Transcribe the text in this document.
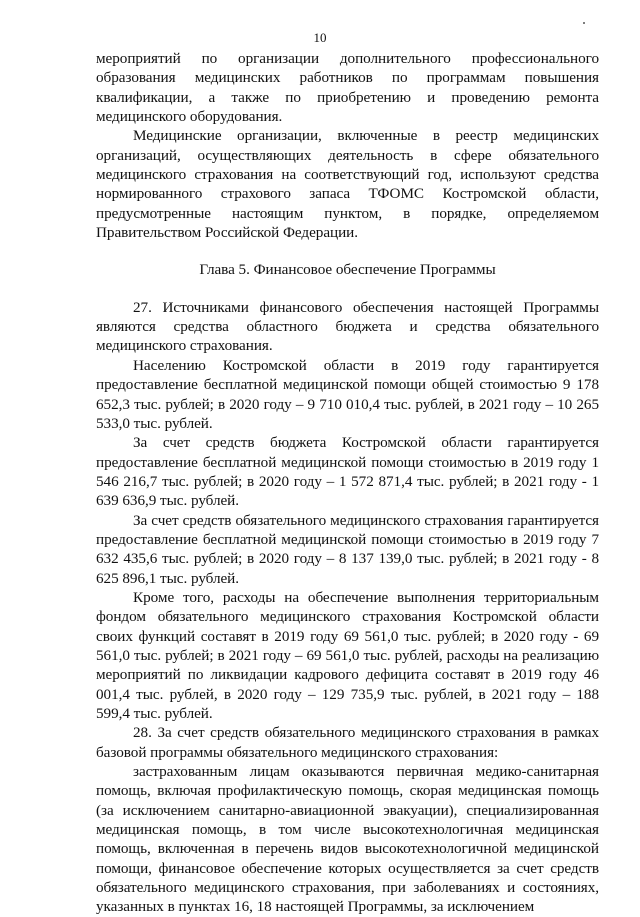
10

мероприятий по организации дополнительного профессионального образования медицинских работников по программам повышения квалификации, а также по приобретению и проведению ремонта медицинского оборудования.

Медицинские организации, включенные в реестр медицинских организаций, осуществляющих деятельность в сфере обязательного медицинского страхования на соответствующий год, используют средства нормированного страхового запаса ТФОМС Костромской области, предусмотренные настоящим пунктом, в порядке, определяемом Правительством Российской Федерации.

Глава 5. Финансовое обеспечение Программы

27. Источниками финансового обеспечения настоящей Программы являются средства областного бюджета и средства обязательного медицинского страхования.

Населению Костромской области в 2019 году гарантируется предоставление бесплатной медицинской помощи общей стоимостью 9 178 652,3 тыс. рублей; в 2020 году – 9 710 010,4 тыс. рублей, в 2021 году – 10 265 533,0 тыс. рублей.

За счет средств бюджета Костромской области гарантируется предоставление бесплатной медицинской помощи стоимостью в 2019 году 1 546 216,7 тыс. рублей; в 2020 году – 1 572 871,4 тыс. рублей; в 2021 году - 1 639 636,9 тыс. рублей.

За счет средств обязательного медицинского страхования гарантируется предоставление бесплатной медицинской помощи стоимостью в 2019 году 7 632 435,6 тыс. рублей; в 2020 году – 8 137 139,0 тыс. рублей; в 2021 году - 8 625 896,1 тыс. рублей.

Кроме того, расходы на обеспечение выполнения территориальным фондом обязательного медицинского страхования Костромской области своих функций составят в 2019 году 69 561,0 тыс. рублей; в 2020 году - 69 561,0 тыс. рублей; в 2021 году – 69 561,0 тыс. рублей, расходы на реализацию мероприятий по ликвидации кадрового дефицита составят в 2019 году 46 001,4 тыс. рублей, в 2020 году – 129 735,9 тыс. рублей, в 2021 году – 188 599,4 тыс. рублей.

28. За счет средств обязательного медицинского страхования в рамках базовой программы обязательного медицинского страхования:

застрахованным лицам оказываются первичная медико-санитарная помощь, включая профилактическую помощь, скорая медицинская помощь (за исключением санитарно-авиационной эвакуации), специализированная медицинская помощь, в том числе высокотехнологичная медицинская помощь, включенная в перечень видов высокотехнологичной медицинской помощи, финансовое обеспечение которых осуществляется за счет средств обязательного медицинского страхования, при заболеваниях и состояниях, указанных в пунктах 16, 18 настоящей Программы, за исключением
